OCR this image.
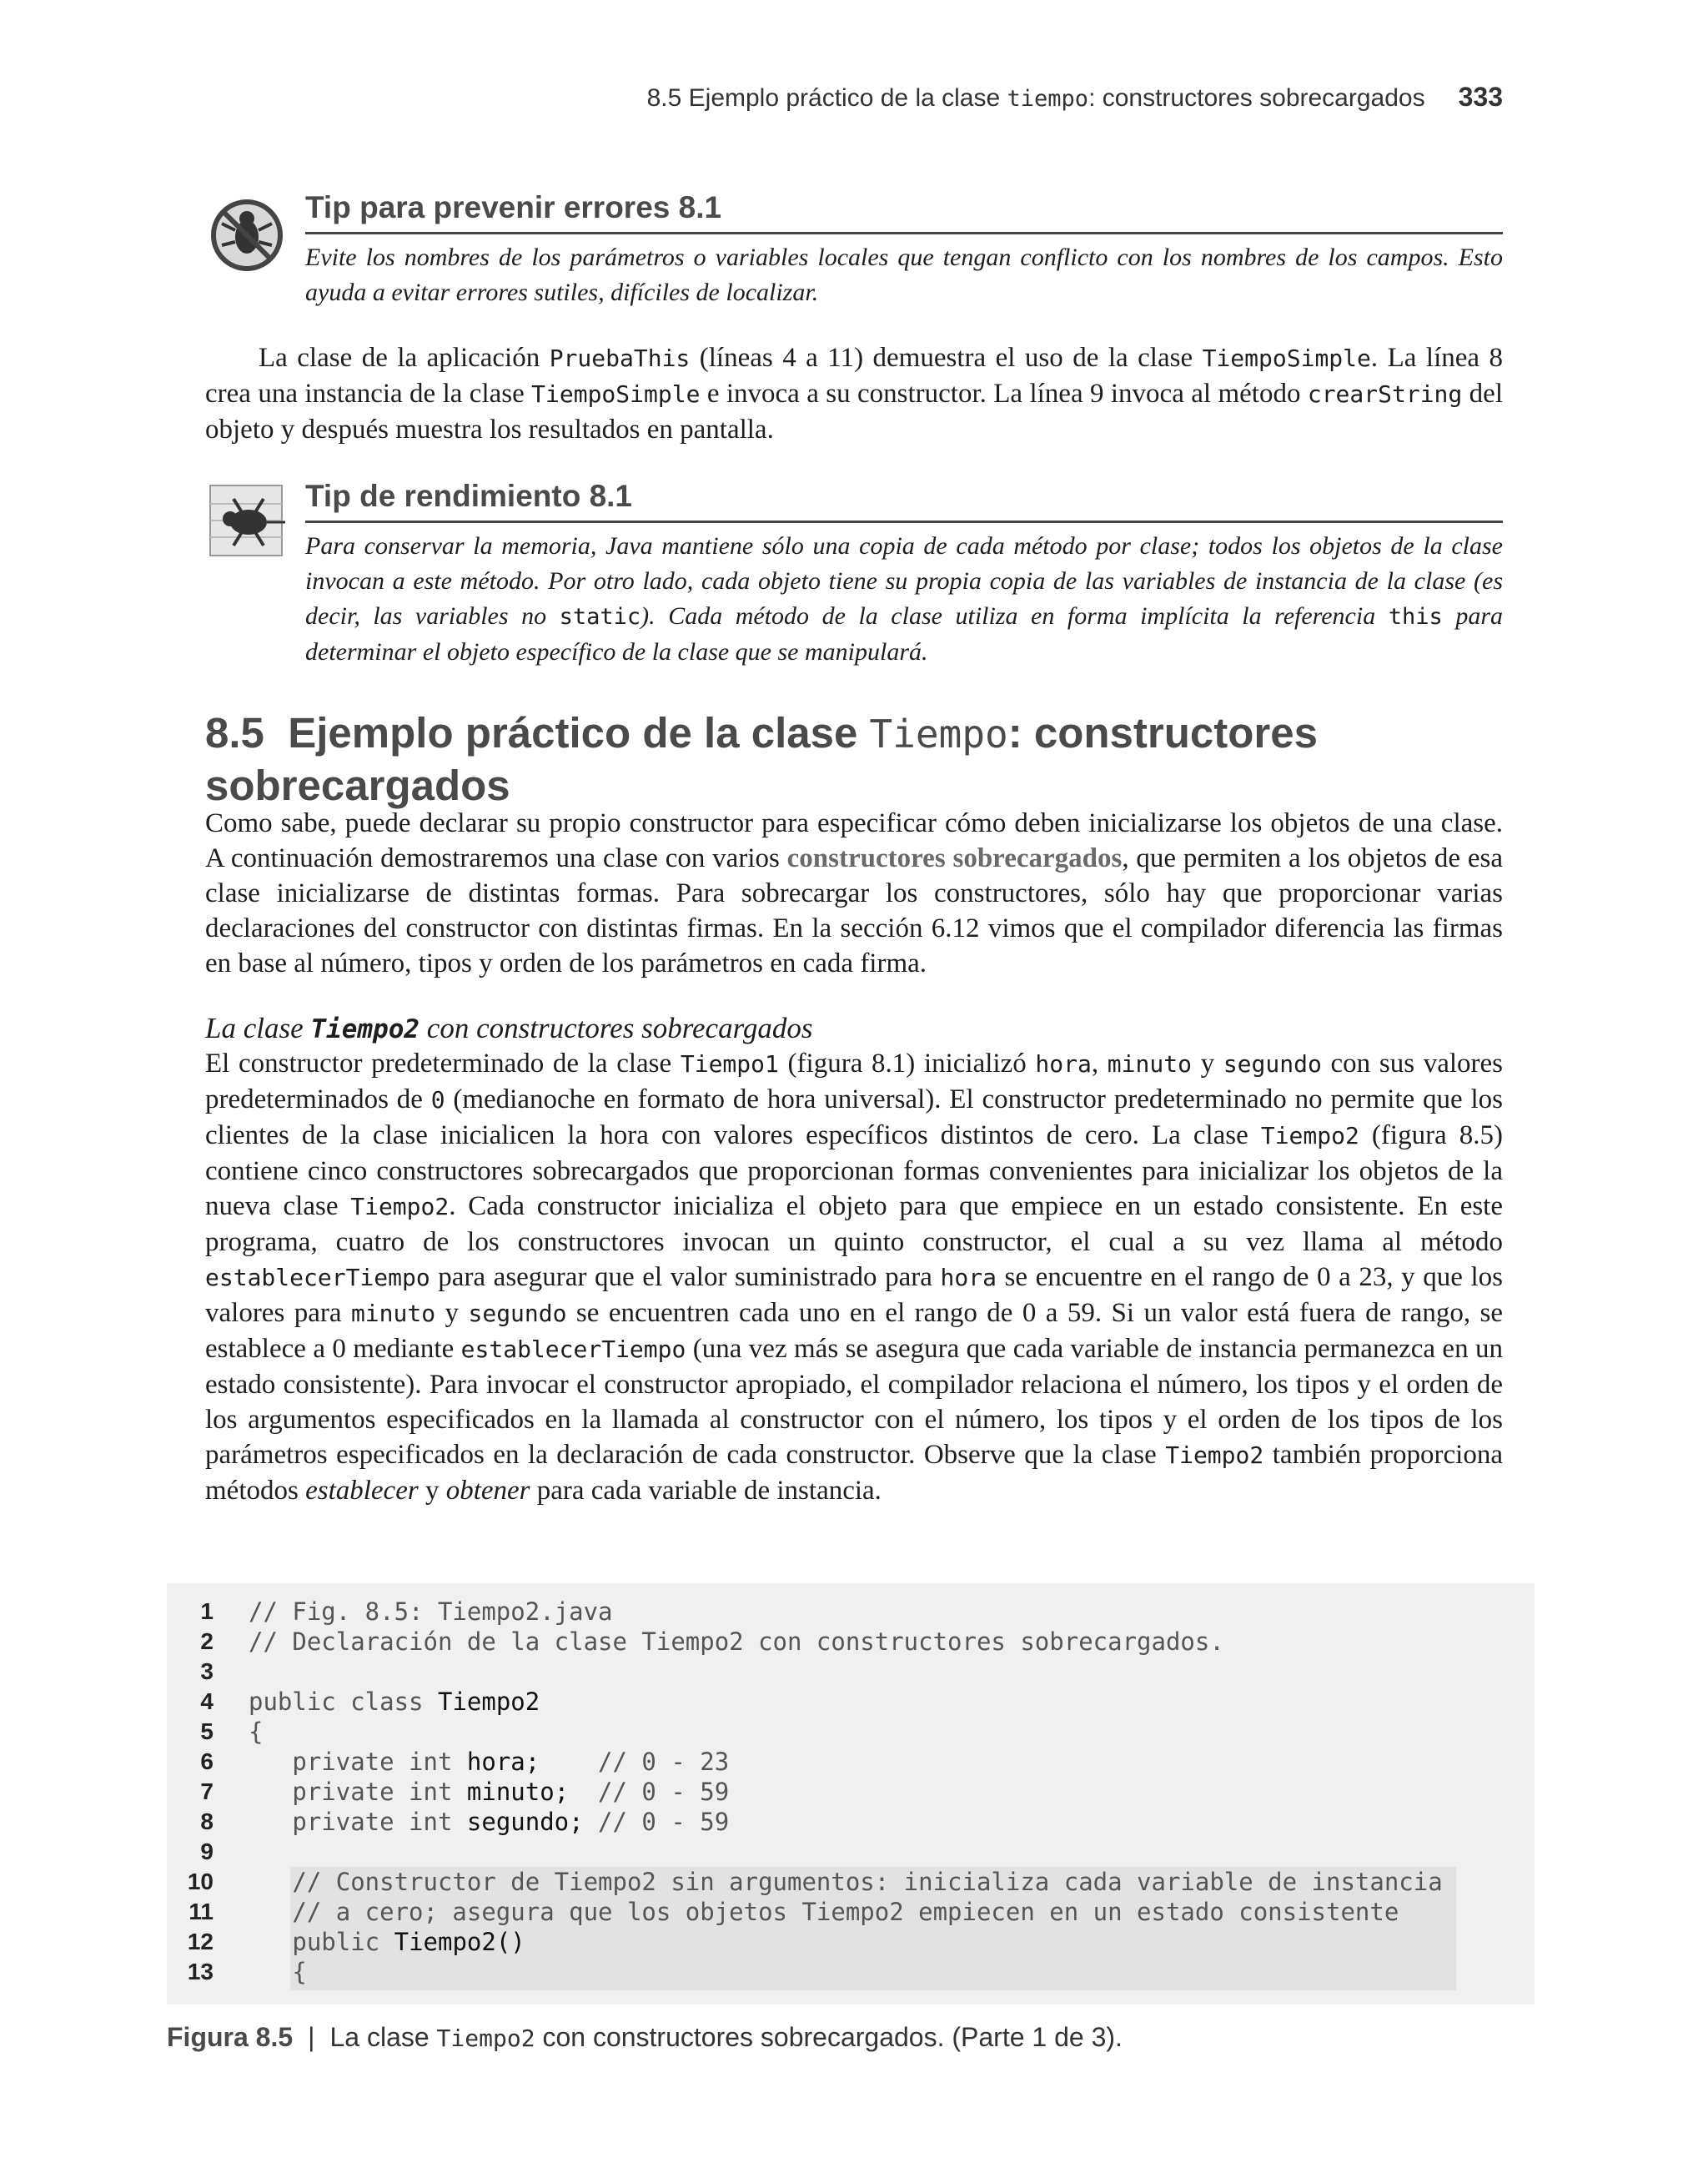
8.5 Ejemplo práctico de la clase tiempo: constructores sobrecargados 333
Tip para prevenir errores 8.1
Evite los nombres de los parámetros o variables locales que tengan conflicto con los nombres de los campos. Esto ayuda a evitar errores sutiles, difíciles de localizar.
La clase de la aplicación PruebaThis (líneas 4 a 11) demuestra el uso de la clase TiempoSimple. La línea 8 crea una instancia de la clase TiempoSimple e invoca a su constructor. La línea 9 invoca al método crearString del objeto y después muestra los resultados en pantalla.
Tip de rendimiento 8.1
Para conservar la memoria, Java mantiene sólo una copia de cada método por clase; todos los objetos de la clase invocan a este método. Por otro lado, cada objeto tiene su propia copia de las variables de instancia de la clase (es decir, las variables no static). Cada método de la clase utiliza en forma implícita la referencia this para determinar el objeto específico de la clase que se manipulará.
8.5 Ejemplo práctico de la clase Tiempo: constructores sobrecargados
Como sabe, puede declarar su propio constructor para especificar cómo deben inicializarse los objetos de una clase. A continuación demostraremos una clase con varios constructores sobrecargados, que permiten a los objetos de esa clase inicializarse de distintas formas. Para sobrecargar los constructores, sólo hay que proporcionar varias declaraciones del constructor con distintas firmas. En la sección 6.12 vimos que el compilador diferencia las firmas en base al número, tipos y orden de los parámetros en cada firma.
La clase Tiempo2 con constructores sobrecargados
El constructor predeterminado de la clase Tiempo1 (figura 8.1) inicializó hora, minuto y segundo con sus valores predeterminados de 0 (medianoche en formato de hora universal). El constructor predeterminado no permite que los clientes de la clase inicialicen la hora con valores específicos distintos de cero. La clase Tiempo2 (figura 8.5) contiene cinco constructores sobrecargados que proporcionan formas convenientes para inicializar los objetos de la nueva clase Tiempo2. Cada constructor inicializa el objeto para que empiece en un estado consistente. En este programa, cuatro de los constructores invocan un quinto constructor, el cual a su vez llama al método establecerTiempo para asegurar que el valor suministrado para hora se encuentre en el rango de 0 a 23, y que los valores para minuto y segundo se encuentren cada uno en el rango de 0 a 59. Si un valor está fuera de rango, se establece a 0 mediante establecerTiempo (una vez más se asegura que cada variable de instancia permanezca en un estado consistente). Para invocar el constructor apropiado, el compilador relaciona el número, los tipos y el orden de los argumentos especificados en la llamada al constructor con el número, los tipos y el orden de los tipos de los parámetros especificados en la declaración de cada constructor. Observe que la clase Tiempo2 también proporciona métodos establecer y obtener para cada variable de instancia.
1 // Fig. 8.5: Tiempo2.java
2 // Declaración de la clase Tiempo2 con constructores sobrecargados.
3
4 public class Tiempo2
5 {
6 private int hora;    // 0 - 23
7 private int minuto;  // 0 - 59
8 private int segundo; // 0 - 59
9
10 // Constructor de Tiempo2 sin argumentos: inicializa cada variable de instancia
11 // a cero; asegura que los objetos Tiempo2 empiecen en un estado consistente
12 public Tiempo2()
13 {
Figura 8.5 | La clase Tiempo2 con constructores sobrecargados. (Parte 1 de 3).
